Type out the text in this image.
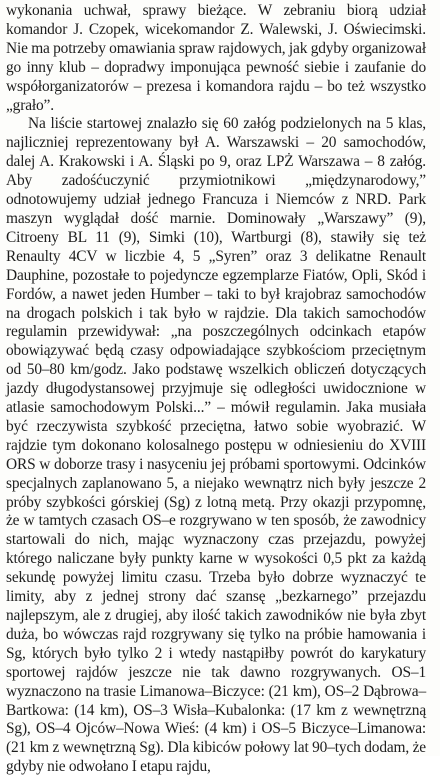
wykonania uchwał, sprawy bieżące. W zebraniu biorą udział komandor J. Czopek, wicekomandor Z. Walewski, J. Oświecimski. Nie ma potrzeby omawiania spraw rajdowych, jak gdyby organizował go inny klub – dopradwy imponująca pewność siebie i zaufanie do współorganizatorów – prezesa i komandora rajdu – bo też wszystko „grało”.

Na liście startowej znalazło się 60 załóg podzielonych na 5 klas, najliczniej reprezentowany był A. Warszawski – 20 samochodów, dalej A. Krakowski i A. Śląski po 9, oraz LPŻ Warszawa – 8 załóg. Aby zadośćuczynić przymiotnikowi „międzynarodowy,” odnotowujemy udział jednego Francuza i Niemców z NRD. Park maszyn wyglądał dość marnie. Dominowały „Warszawy” (9), Citroeny BL 11 (9), Simki (10), Wartburgi (8), stawiły się też Renaulty 4CV w liczbie 4, 5 „Syren” oraz 3 delikatne Renault Dauphine, pozostałe to pojedyncze egzemplarze Fiatów, Opli, Skód i Fordów, a nawet jeden Humber – taki to był krajobraz samochodów na drogach polskich i tak było w rajdzie. Dla takich samochodów regulamin przewidywał: „na poszczególnych odcinkach etapów obowiązywać będą czasy odpowiadające szybkościom przeciętnym od 50–80 km/godz. Jako podstawę wszelkich obliczeń dotyczących jazdy długodystansowej przyjmuje się odległości uwidocznione w atlasie samochodowym Polski...” – mówił regulamin. Jaka musiała być rzeczywista szybkość przeciętna, łatwo sobie wyobrazić. W rajdzie tym dokonano kolosalnego postępu w odniesieniu do XVIII ORS w doborze trasy i nasyceniu jej próbami sportowymi. Odcinków specjalnych zaplanowano 5, a niejako wewnątrz nich były jeszcze 2 próby szybkości górskiej (Sg) z lotną metą. Przy okazji przypomnę, że w tamtych czasach OS–e rozgrywano w ten sposób, że zawodnicy startowali do nich, mając wyznaczony czas przejazdu, powyżej którego naliczane były punkty karne w wysokości 0,5 pkt za każdą sekundę powyżej limitu czasu. Trzeba było dobrze wyznaczyć te limity, aby z jednej strony dać szansę „bezkarnego” przejazdu najlepszym, ale z drugiej, aby ilość takich zawodników nie była zbyt duża, bo wówczas rajd rozgrywany się tylko na próbie hamowania i Sg, których było tylko 2 i wtedy nastąpiłby powrót do karykatury sportowej rajdów jeszcze nie tak dawno rozgrywanych. OS–1 wyznaczono na trasie Limanowa–Biczyce: (21 km), OS–2 Dąbrowa–Bartkowa: (14 km), OS–3 Wisła–Kubalonka: (17 km z wewnętrzną Sg), OS–4 Ojców–Nowa Wieś: (4 km) i OS–5 Biczyce–Limanowa: (21 km z wewnętrzną Sg). Dla kibiców połowy lat 90–tych dodam, że gdyby nie odwołano I etapu rajdu,
